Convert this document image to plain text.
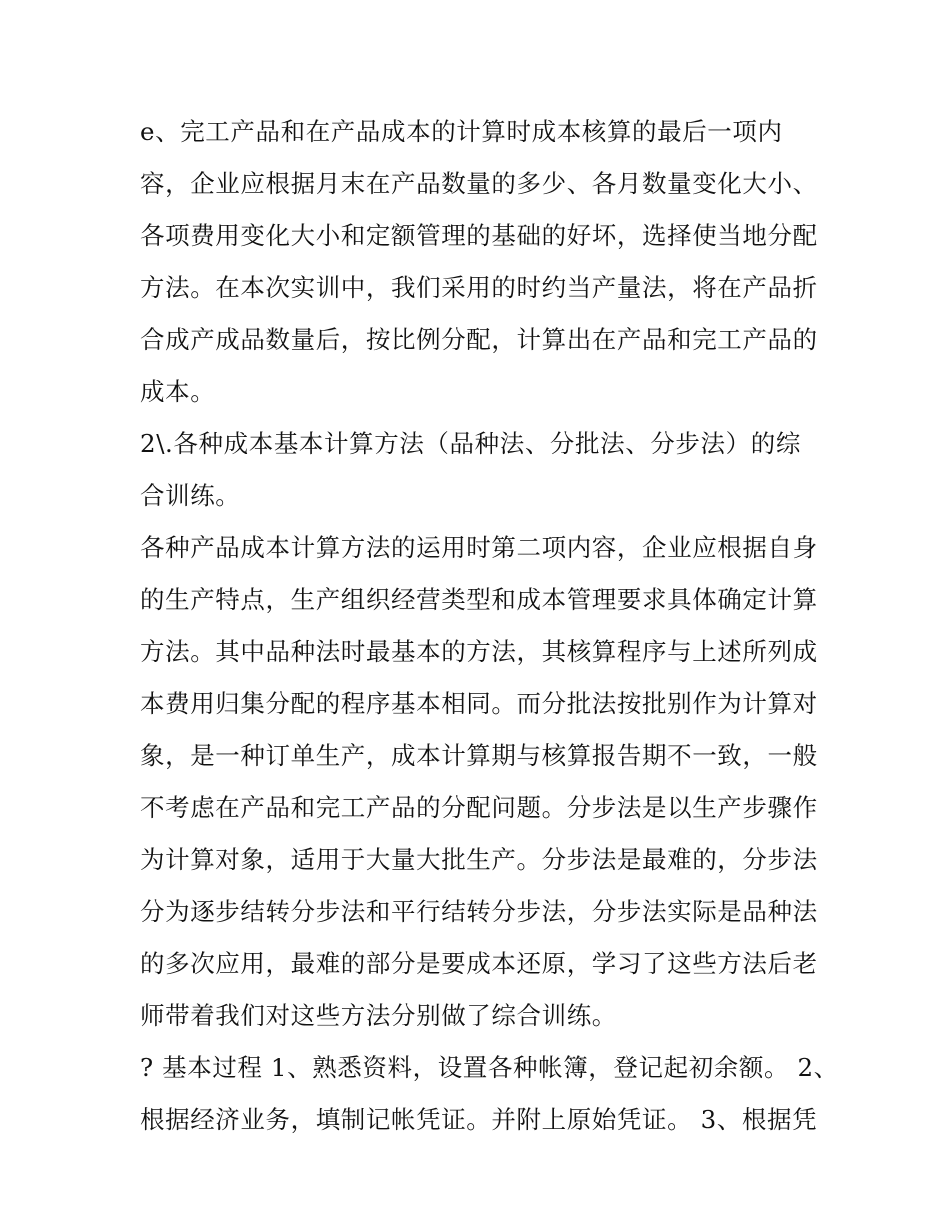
e、完工产品和在产品成本的计算时成本核算的最后一项内
容，企业应根据月末在产品数量的多少、各月数量变化大小、
各项费用变化大小和定额管理的基础的好坏，选择使当地分配
方法。在本次实训中，我们采用的时约当产量法，将在产品折
合成产成品数量后，按比例分配，计算出在产品和完工产品的
成本。
2\.各种成本基本计算方法（品种法、分批法、分步法）的综
合训练。
各种产品成本计算方法的运用时第二项内容，企业应根据自身
的生产特点，生产组织经营类型和成本管理要求具体确定计算
方法。其中品种法时最基本的方法，其核算程序与上述所列成
本费用归集分配的程序基本相同。而分批法按批别作为计算对
象，是一种订单生产，成本计算期与核算报告期不一致，一般
不考虑在产品和完工产品的分配问题。分步法是以生产步骤作
为计算对象，适用于大量大批生产。分步法是最难的，分步法
分为逐步结转分步法和平行结转分步法，分步法实际是品种法
的多次应用，最难的部分是要成本还原，学习了这些方法后老
师带着我们对这些方法分别做了综合训练。
? 基本过程 1、熟悉资料，设置各种帐簿，登记起初余额。 2、
根据经济业务，填制记帐凭证。并附上原始凭证。 3、根据凭
